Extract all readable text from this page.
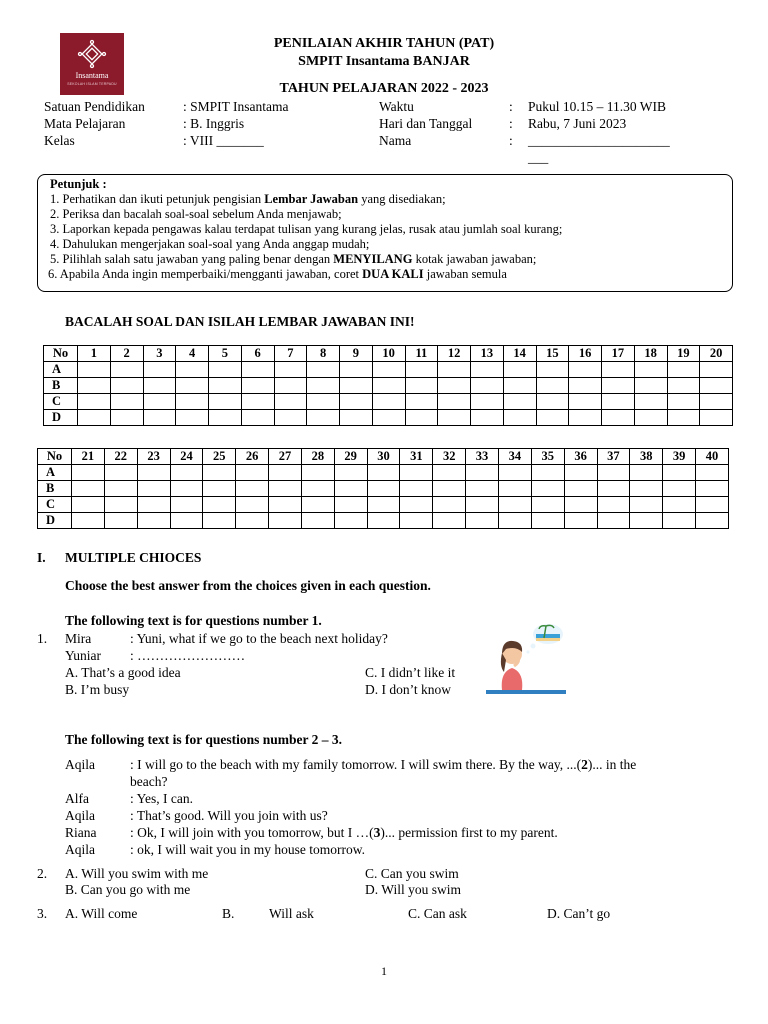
Insantama
SEKOLAH ISLAM TERPADU
PENILAIAN AKHIR TAHUN (PAT)
SMPIT Insantama BANJAR
TAHUN PELAJARAN 2022 - 2023
Satuan Pendidikan	: SMPIT Insantama
Mata Pelajaran	: B. Inggris
Kelas	: VIII _______
Waktu	: Pukul 10.15 – 11.30 WIB
Hari dan Tanggal	: Rabu, 7 Juni 2023
Nama	: _____________________
___
Petunjuk :
1. Perhatikan dan ikuti petunjuk pengisian Lembar Jawaban yang disediakan;
2. Periksa dan bacalah soal-soal sebelum Anda menjawab;
3. Laporkan kepada pengawas kalau terdapat tulisan yang kurang jelas, rusak atau jumlah soal kurang;
4. Dahulukan mengerjakan soal-soal yang Anda anggap mudah;
5. Pilihlah salah satu jawaban yang paling benar dengan MENYILANG kotak jawaban jawaban;
6. Apabila Anda ingin memperbaiki/mengganti jawaban, coret DUA KALI jawaban semula
BACALAH SOAL DAN ISILAH LEMBAR JAWABAN INI!
No	1	2	3	4	5	6	7	8	9	10	11	12	13	14	15	16	17	18	19	20
A																				
B																				
C																				
D																				
No	21	22	23	24	25	26	27	28	29	30	31	32	33	34	35	36	37	38	39	40
A																				
B																				
C																				
D																				
I. MULTIPLE CHIOCES
Choose the best answer from the choices given in each question.
The following text is for questions number 1.
1. Mira	: Yuni, what if we go to the beach next holiday?
Yuniar : ……………………
A. That’s a good idea	C. I didn’t like it
B. I’m busy	D. I don’t know
The following text is for questions number 2 – 3.
Aqila	: I will go to the beach with my family tomorrow. I will swim there. By the way, ...(2)... in the
beach?
Alfa	: Yes, I can.
Aqila	: That’s good. Will you join with us?
Riana : Ok, I will join with you tomorrow, but I …(3)... permission first to my parent.
Aqila	: ok, I will wait you in my house tomorrow.
2. A. Will you swim with me	C. Can you swim
B. Can you go with me	D. Will you swim
3. A. Will come	B.	Will ask	C. Can ask	D. Can’t go
1
